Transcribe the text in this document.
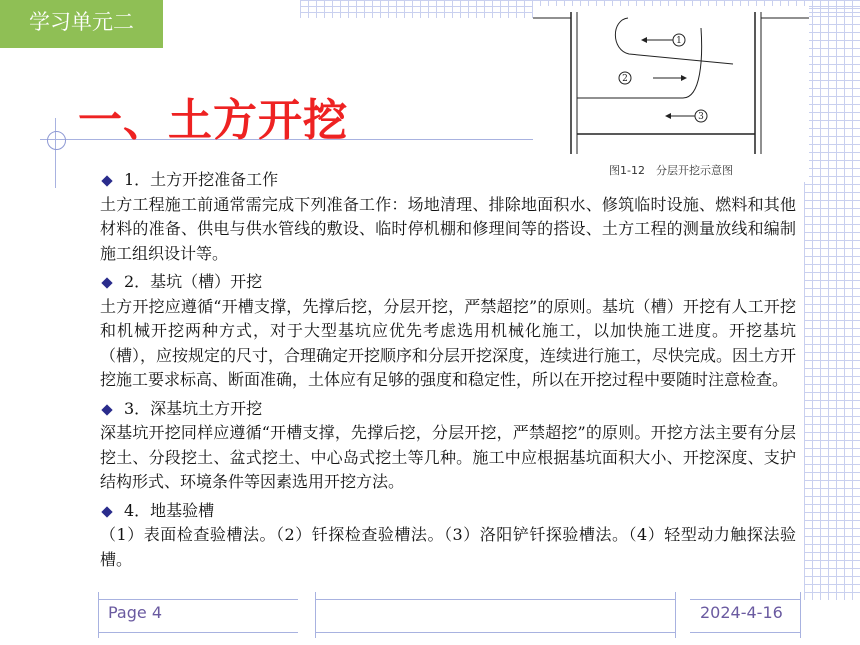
学习单元二
一、土方开挖
1
2
3
图1-12　分层开挖示意图

1．土方开挖准备工作

土方工程施工前通常需完成下列准备工作：场地清理、排除地面积水、修筑临时设施、燃料和其他材料的准备、供电与供水管线的敷设、临时停机棚和修理间等的搭设、土方工程的测量放线和编制施工组织设计等。

2．基坑（槽）开挖

土方开挖应遵循“开槽支撑，先撑后挖，分层开挖，严禁超挖”的原则。基坑（槽）开挖有人工开挖和机械开挖两种方式，对于大型基坑应优先考虑选用机械化施工，以加快施工进度。开挖基坑（槽），应按规定的尺寸，合理确定开挖顺序和分层开挖深度，连续进行施工，尽快完成。因土方开挖施工要求标高、断面准确，土体应有足够的强度和稳定性，所以在开挖过程中要随时注意检查。

3．深基坑土方开挖

深基坑开挖同样应遵循“开槽支撑，先撑后挖，分层开挖，严禁超挖”的原则。开挖方法主要有分层挖土、分段挖土、盆式挖土、中心岛式挖土等几种。施工中应根据基坑面积大小、开挖深度、支护结构形式、环境条件等因素选用开挖方法。

4．地基验槽

（1）表面检查验槽法。（2）钎探检查验槽法。（3）洛阳铲钎探验槽法。（4）轻型动力触探法验槽。

Page 4	2024-4-16
